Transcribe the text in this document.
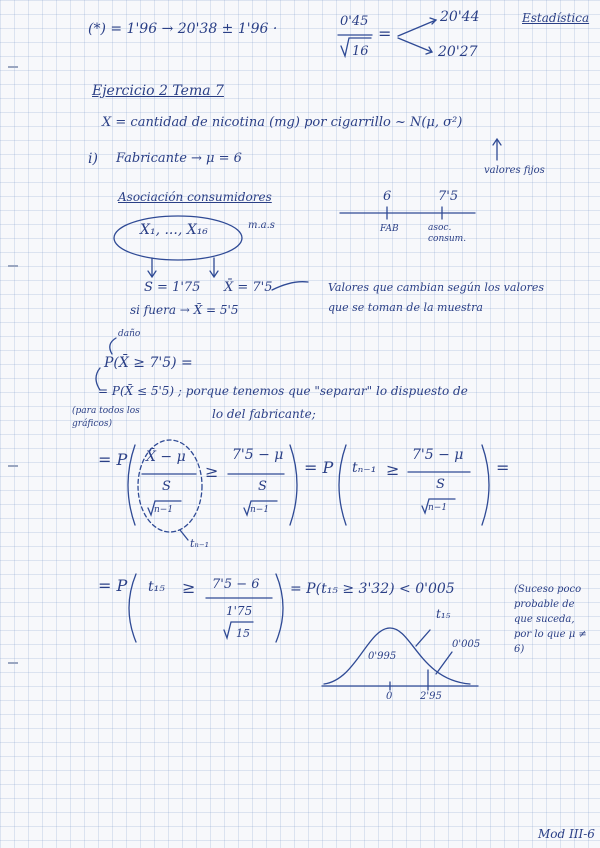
(*) = 1'96 → 20'38 ± 1'96 ·	0'45
16
=
20'44
20'27
Estadística
Ejercicio 2 Tema 7
X = cantidad de nicotina (mg) por cigarrillo ~ N(μ, σ²)
valores fijos
i) Fabricante → μ = 6
Asociación consumidores
X₁, ..., X₁₆	m.a.s
S = 1'75 X̄ = 7'5
si fuera → X̄ = 5'5
Valores que cambian según los valores que se toman de la muestra
6	7'5
FAB	asoc. consum.
daño
P(X̄ ≥ 7'5) =
= P(X̄ ≤ 5'5) ; porque tenemos que "separar" lo dispuesto de
lo del fabricante;
(para todos los gráficos)
= P X̄ − μ
S
n−1
≥
7'5 − μ
S
n−1
= P tₙ₋₁ ≥
7'5 − μ
S
n−1
=
tₙ₋₁
= P t₁₅ ≥ 7'5 − 6
1'75
15
= P(t₁₅ ≥ 3'32) < 0'005	(Suceso poco probable de que suceda, por lo que μ ≠ 6)
t₁₅
0'995
0'005
0	2'95
Mod III-6
